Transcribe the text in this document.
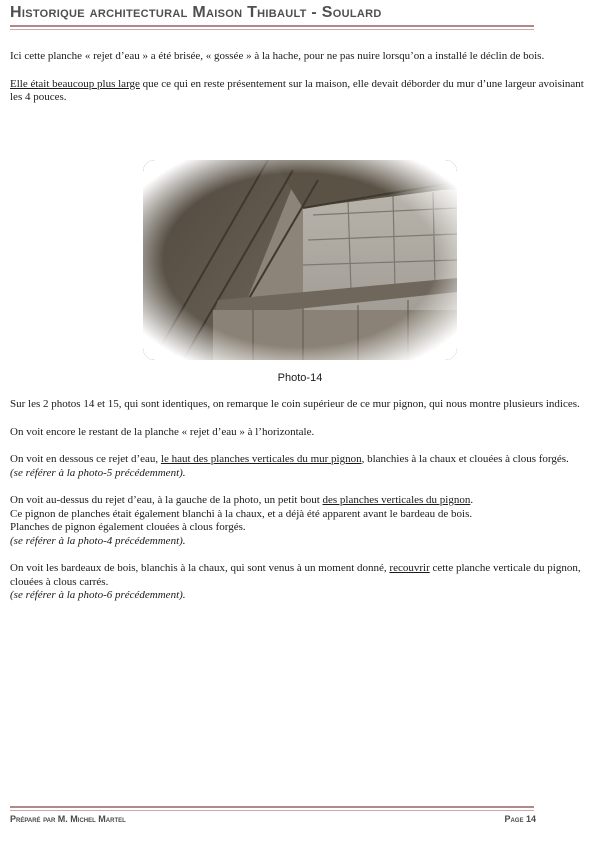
Historique architectural Maison Thibault - Soulard

Ici cette planche « rejet d’eau » a été brisée, « gossée » à la hache, pour ne pas nuire lorsqu’on a installé le déclin de bois.

Elle était beaucoup plus large que ce qui en reste présentement sur la maison, elle devait déborder du mur d’une largeur avoisinant les 4 pouces.

Photo-14

Sur les 2 photos 14 et 15, qui sont identiques, on remarque le coin supérieur de ce mur pignon, qui nous montre plusieurs indices.

On voit encore le restant de la planche « rejet d’eau » à l’horizontale.

On voit en dessous ce rejet d’eau, le haut des planches verticales du mur pignon, blanchies à la chaux et clouées à clous forgés.

(se référer à la photo-5 précédemment).

On voit au-dessus du rejet d’eau, à la gauche de la photo, un petit bout des planches verticales du pignon.

Ce pignon de planches était également blanchi à la chaux, et a déjà été apparent avant le bardeau de bois.

Planches de pignon également clouées à clous forgés.

(se référer à la photo-4 précédemment).

On voit les bardeaux de bois, blanchis à la chaux, qui sont venus à un moment donné, recouvrir cette planche verticale du pignon, clouées à clous carrés.

(se référer à la photo-6 précédemment).

Préparé par M. Michel Martel	Page 14
